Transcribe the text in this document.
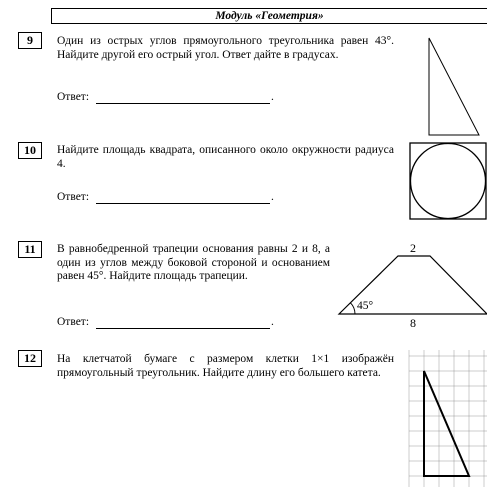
Модуль «Геометрия»
9	Один из острых углов прямоугольного треугольника равен 43°. Найдите другой его острый угол. Ответ дайте в градусах.
Ответ:	.
10	Найдите площадь квадрата, описанного около окружности радиуса 4.
Ответ:	.
11	В равнобедренной трапеции основания равны 2 и 8, а один из углов между боковой стороной и основанием равен 45°. Найдите площадь трапеции.
Ответ:	.
12	На клетчатой бумаге с размером клетки 1×1 изображён прямоугольный треугольник. Найдите длину его большего катета.
2
8
45°
